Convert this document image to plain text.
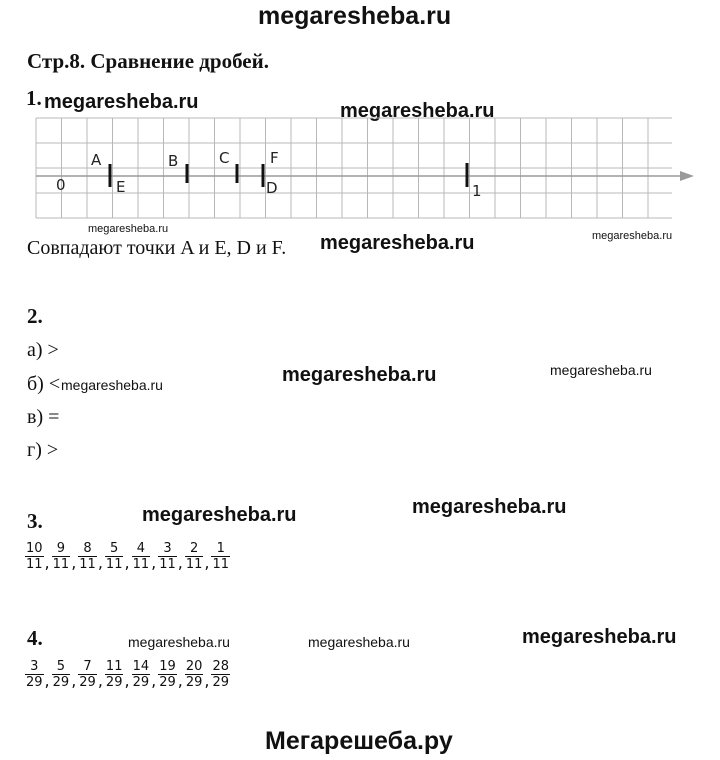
megaresheba.ru
Стр.8. Сравнение дробей.
1. megaresheba.ru	megaresheba.ru
0
A
E
B	C	F
D	1
megaresheba.ru
Совпадают точки A и E, D и F. megaresheba.ru	megaresheba.ru
2.
а) >
б) < megaresheba.ru	megaresheba.ru	megaresheba.ru
в) =
г) >
3.	megaresheba.ru	megaresheba.ru
$\frac{10}{11}$ , $\frac{9}{11}$ , $\frac{8}{11}$ , $\frac{5}{11}$ , $\frac{4}{11}$ , $\frac{3}{11}$ , $\frac{2}{11}$ , $\frac{1}{11}$
4.	megaresheba.ru	megaresheba.ru	megaresheba.ru
$\frac{3}{29}$ , $\frac{5}{29}$ , $\frac{7}{29}$ , $\frac{11}{29}$ , $\frac{14}{29}$ , $\frac{19}{29}$ , $\frac{20}{29}$ , $\frac{28}{29}$
Мегарешеба.ру
